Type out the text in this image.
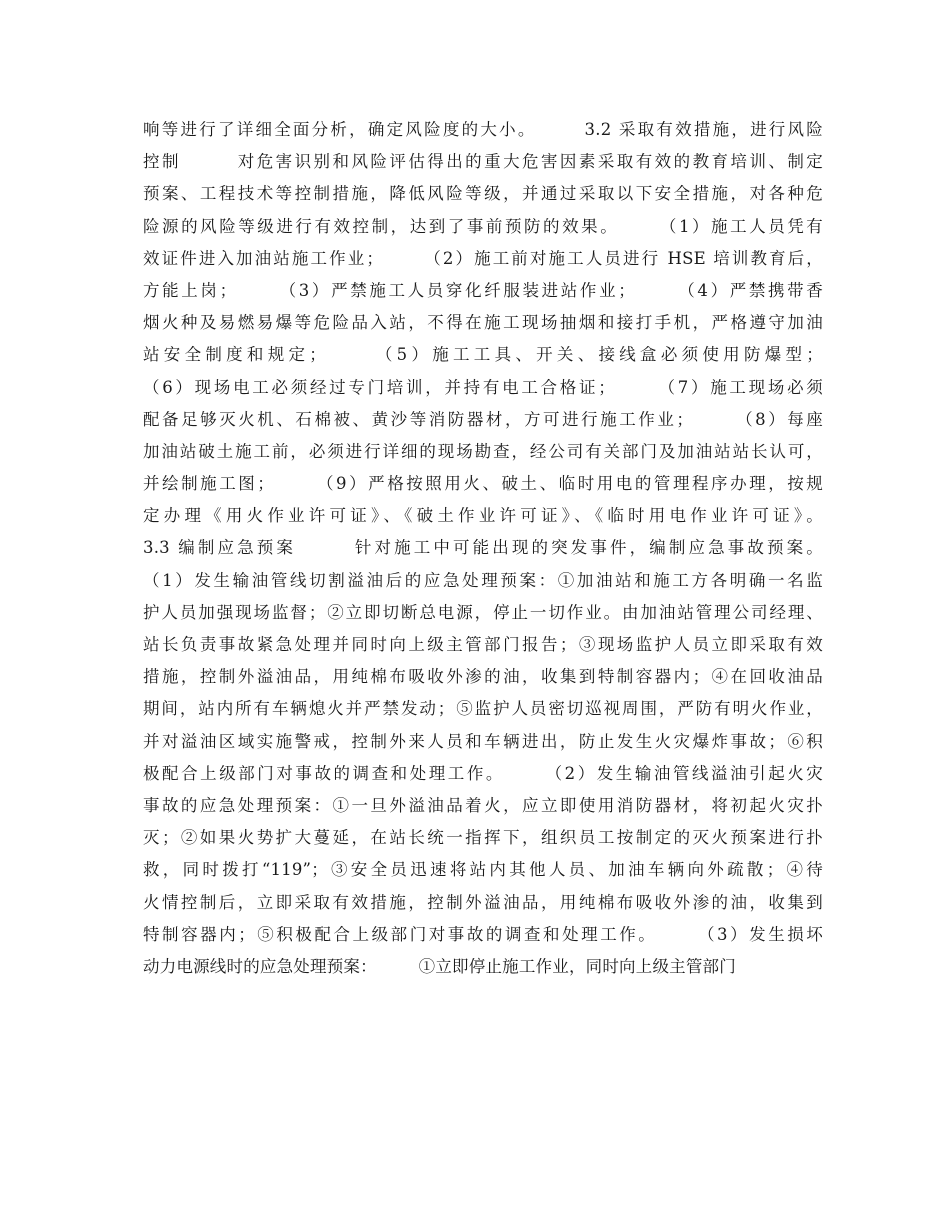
响等进行了详细全面分析，确定风险度的大小。　　　3.2 采取有效措施，进行风险
控制　　　对危害识别和风险评估得出的重大危害因素采取有效的教育培训、制定
预案、工程技术等控制措施，降低风险等级，并通过采取以下安全措施，对各种危
险源的风险等级进行有效控制，达到了事前预防的效果。　　　（1）施工人员凭有
效证件进入加油站施工作业；　　　（2）施工前对施工人员进行 HSE 培训教育后，
方能上岗；　　　（3）严禁施工人员穿化纤服装进站作业；　　　（4）严禁携带香
烟火种及易燃易爆等危险品入站，不得在施工现场抽烟和接打手机，严格遵守加油
站安全制度和规定；　　　（5）施工工具、开关、接线盒必须使用防爆型；
（6）现场电工必须经过专门培训，并持有电工合格证；　　　（7）施工现场必须
配备足够灭火机、石棉被、黄沙等消防器材，方可进行施工作业；　　　（8）每座
加油站破土施工前，必须进行详细的现场勘查，经公司有关部门及加油站站长认可，
并绘制施工图；　　　（9）严格按照用火、破土、临时用电的管理程序办理，按规
定办理《用火作业许可证》、《破土作业许可证》、《临时用电作业许可证》。
3.3 编制应急预案　　　针对施工中可能出现的突发事件，编制应急事故预案。
（1）发生输油管线切割溢油后的应急处理预案：①加油站和施工方各明确一名监
护人员加强现场监督；②立即切断总电源，停止一切作业。由加油站管理公司经理、
站长负责事故紧急处理并同时向上级主管部门报告；③现场监护人员立即采取有效
措施，控制外溢油品，用纯棉布吸收外渗的油，收集到特制容器内；④在回收油品
期间，站内所有车辆熄火并严禁发动；⑤监护人员密切巡视周围，严防有明火作业，
并对溢油区域实施警戒，控制外来人员和车辆进出，防止发生火灾爆炸事故；⑥积
极配合上级部门对事故的调查和处理工作。　　　（2）发生输油管线溢油引起火灾
事故的应急处理预案：①一旦外溢油品着火，应立即使用消防器材，将初起火灾扑
灭；②如果火势扩大蔓延，在站长统一指挥下，组织员工按制定的灭火预案进行扑
救，同时拨打“119”；③安全员迅速将站内其他人员、加油车辆向外疏散；④待
火情控制后，立即采取有效措施，控制外溢油品，用纯棉布吸收外渗的油，收集到
特制容器内；⑤积极配合上级部门对事故的调查和处理工作。　　　（3）发生损坏
动力电源线时的应急处理预案：　　　①立即停止施工作业，同时向上级主管部门
